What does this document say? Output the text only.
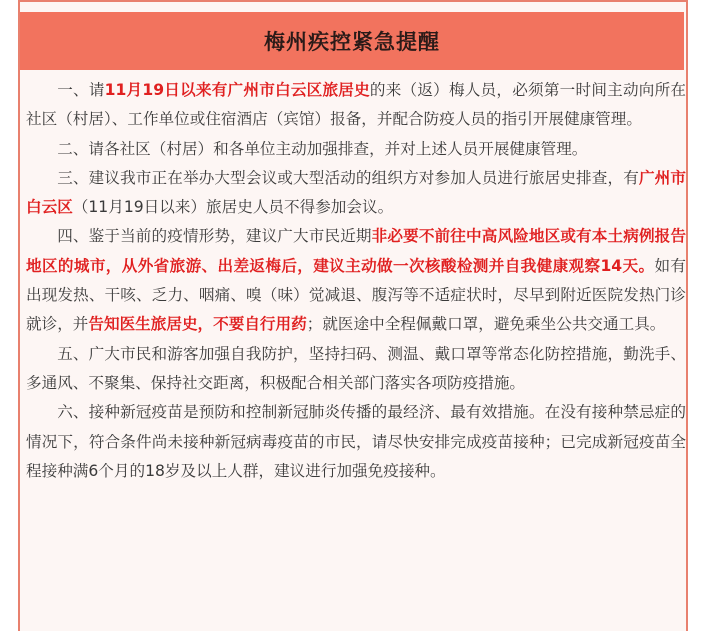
梅州疾控紧急提醒

一、请11月19日以来有广州市白云区旅居史的来（返）梅人员，必须第一时间主动向所在社区（村居）、工作单位或住宿酒店（宾馆）报备，并配合防疫人员的指引开展健康管理。

二、请各社区（村居）和各单位主动加强排查，并对上述人员开展健康管理。

三、建议我市正在举办大型会议或大型活动的组织方对参加人员进行旅居史排查，有广州市白云区（11月19日以来）旅居史人员不得参加会议。

四、鉴于当前的疫情形势，建议广大市民近期非必要不前往中高风险地区或有本土病例报告地区的城市，从外省旅游、出差返梅后，建议主动做一次核酸检测并自我健康观察14天。如有出现发热、干咳、乏力、咽痛、嗅（味）觉减退、腹泻等不适症状时，尽早到附近医院发热门诊就诊，并告知医生旅居史，不要自行用药；就医途中全程佩戴口罩，避免乘坐公共交通工具。

五、广大市民和游客加强自我防护，坚持扫码、测温、戴口罩等常态化防控措施，勤洗手、多通风、不聚集、保持社交距离，积极配合相关部门落实各项防疫措施。

六、接种新冠疫苗是预防和控制新冠肺炎传播的最经济、最有效措施。在没有接种禁忌症的情况下，符合条件尚未接种新冠病毒疫苗的市民，请尽快安排完成疫苗接种；已完成新冠疫苗全程接种满6个月的18岁及以上人群，建议进行加强免疫接种。
